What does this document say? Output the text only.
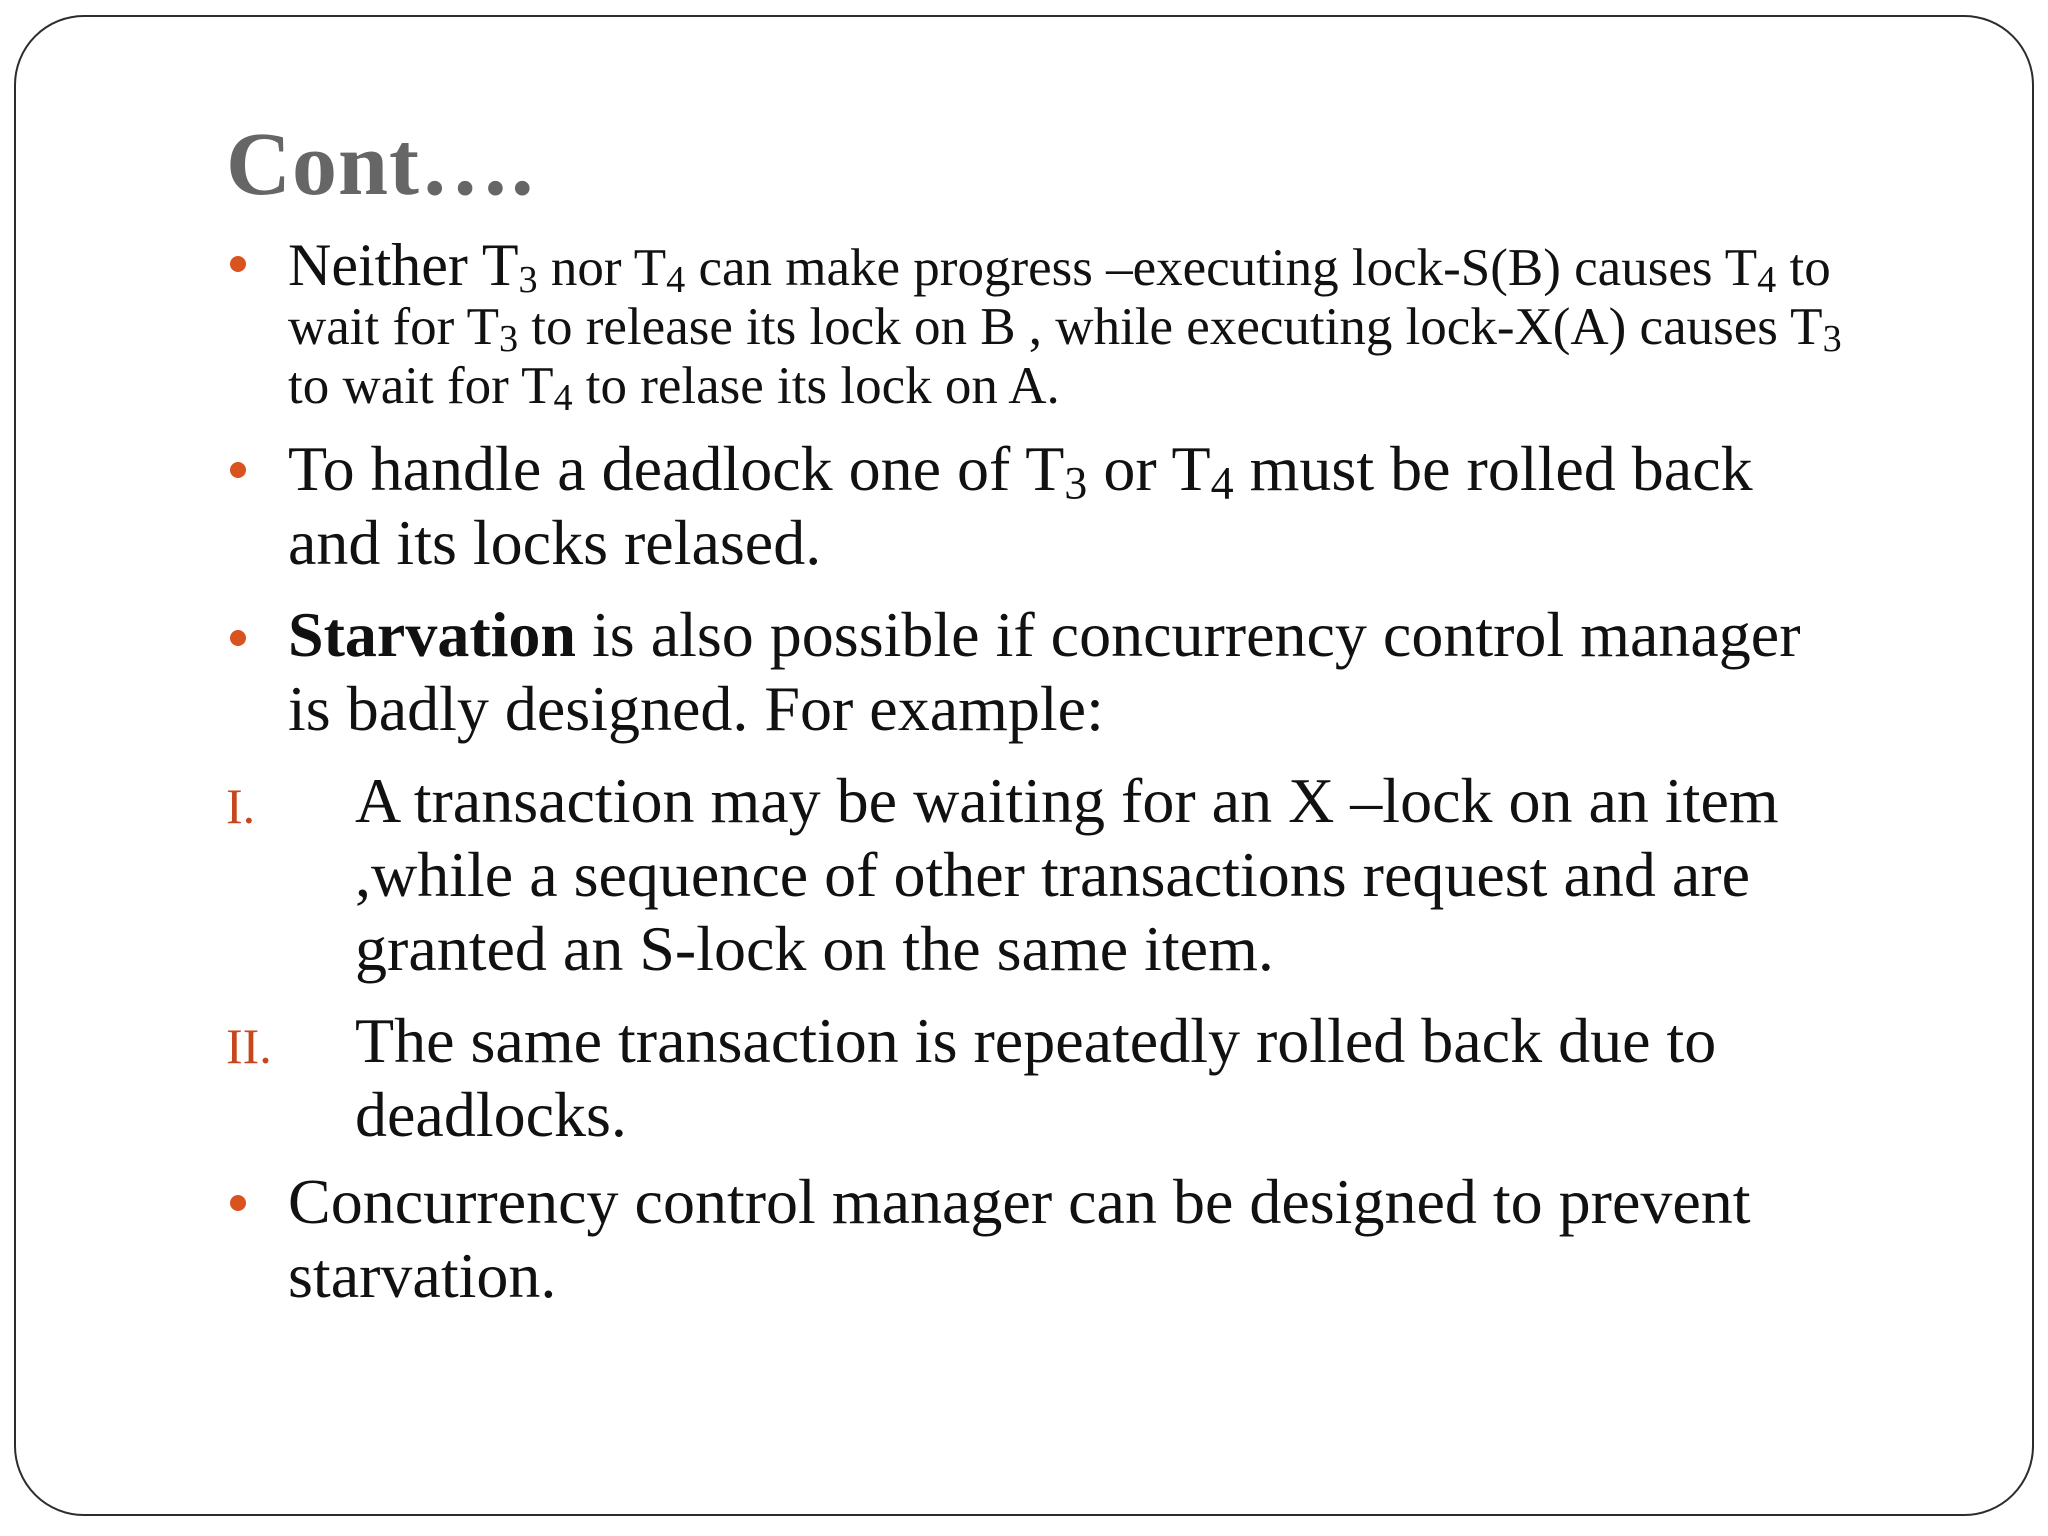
Cont….
Neither $T_3$ nor $T_4$ can make progress –executing lock-S(B) causes $T_4$ to
wait for $T_3$ to release its lock on B , while executing lock-X(A) causes $T_3$
to wait for $T_4$ to relase its lock on A.
To handle a deadlock one of $T_3$ or $T_4$ must be rolled back
and its locks relased.
Starvation is also possible if concurrency control manager
is badly designed. For example:
I. A transaction may be waiting for an X –lock on an item
,while a sequence of other transactions request and are
granted an S-lock on the same item.
II. The same transaction is repeatedly rolled back due to
deadlocks.
Concurrency control manager can be designed to prevent
starvation.
